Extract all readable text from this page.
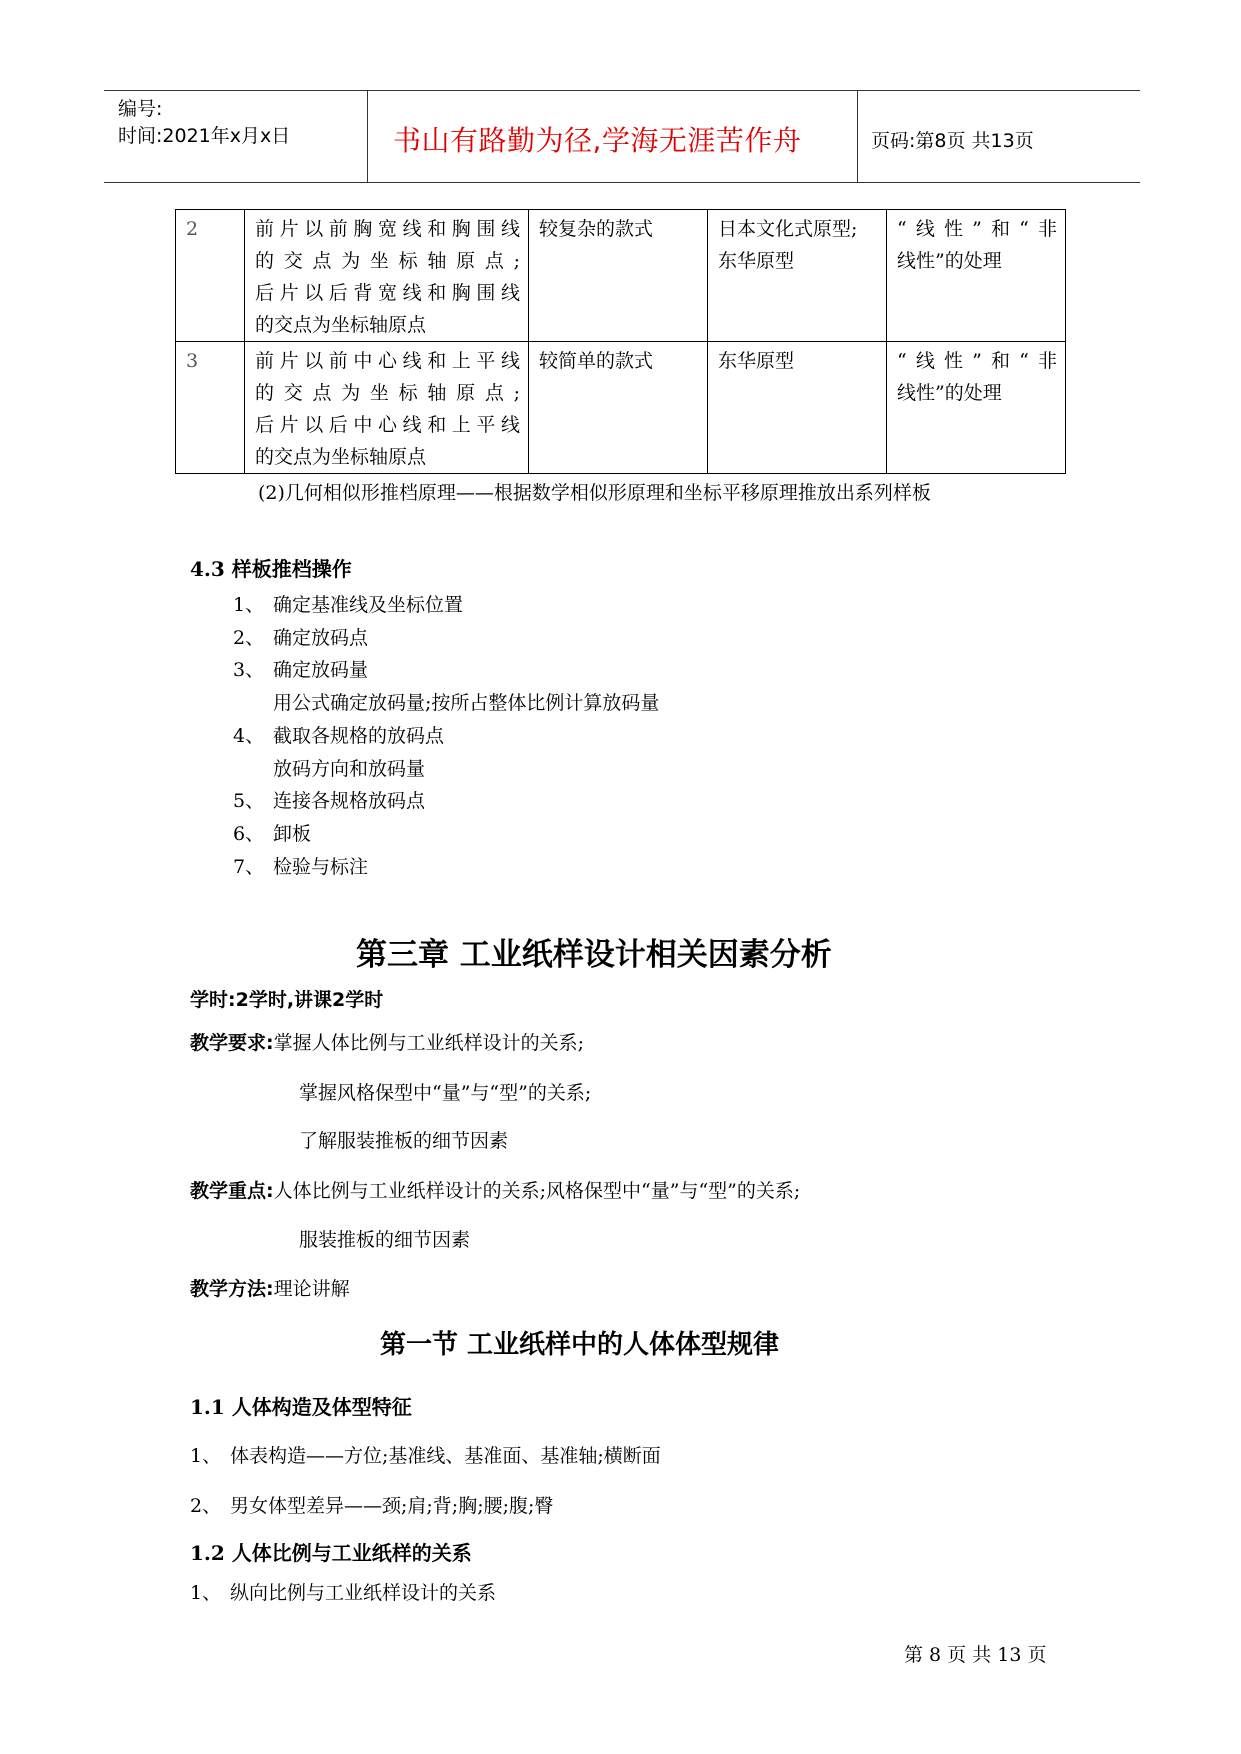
编号:
时间:2021年x月x日	书山有路勤为径,学海无涯苦作舟	页码:第8页 共13页
2	前片以前胸宽线和胸围线
的交点为坐标轴原点;
后片以后背宽线和胸围线
的交点为坐标轴原点	较复杂的款式	日本文化式原型;
东华原型	“线性”和“非
线性”的处理

3	前片以前中心线和上平线
的交点为坐标轴原点;
后片以后中心线和上平线
的交点为坐标轴原点	较简单的款式	东华原型	“线性”和“非
线性”的处理
(2)几何相似形推档原理——根据数学相似形原理和坐标平移原理推放出系列样板
4.3 样板推档操作
1、 确定基准线及坐标位置
2、 确定放码点
3、 确定放码量
用公式确定放码量;按所占整体比例计算放码量
4、 截取各规格的放码点
放码方向和放码量
5、 连接各规格放码点
6、 卸板
7、 检验与标注
第三章 工业纸样设计相关因素分析
学时:2学时,讲课2学时
教学要求:掌握人体比例与工业纸样设计的关系;
掌握风格保型中“量”与“型”的关系;
了解服装推板的细节因素
教学重点:人体比例与工业纸样设计的关系;风格保型中“量”与“型”的关系;
服装推板的细节因素
教学方法:理论讲解
第一节 工业纸样中的人体体型规律
1.1 人体构造及体型特征
1、 体表构造——方位;基准线、基准面、基准轴;横断面
2、 男女体型差异——颈;肩;背;胸;腰;腹;臀
1.2 人体比例与工业纸样的关系
1、 纵向比例与工业纸样设计的关系
第 8 页 共 13 页
